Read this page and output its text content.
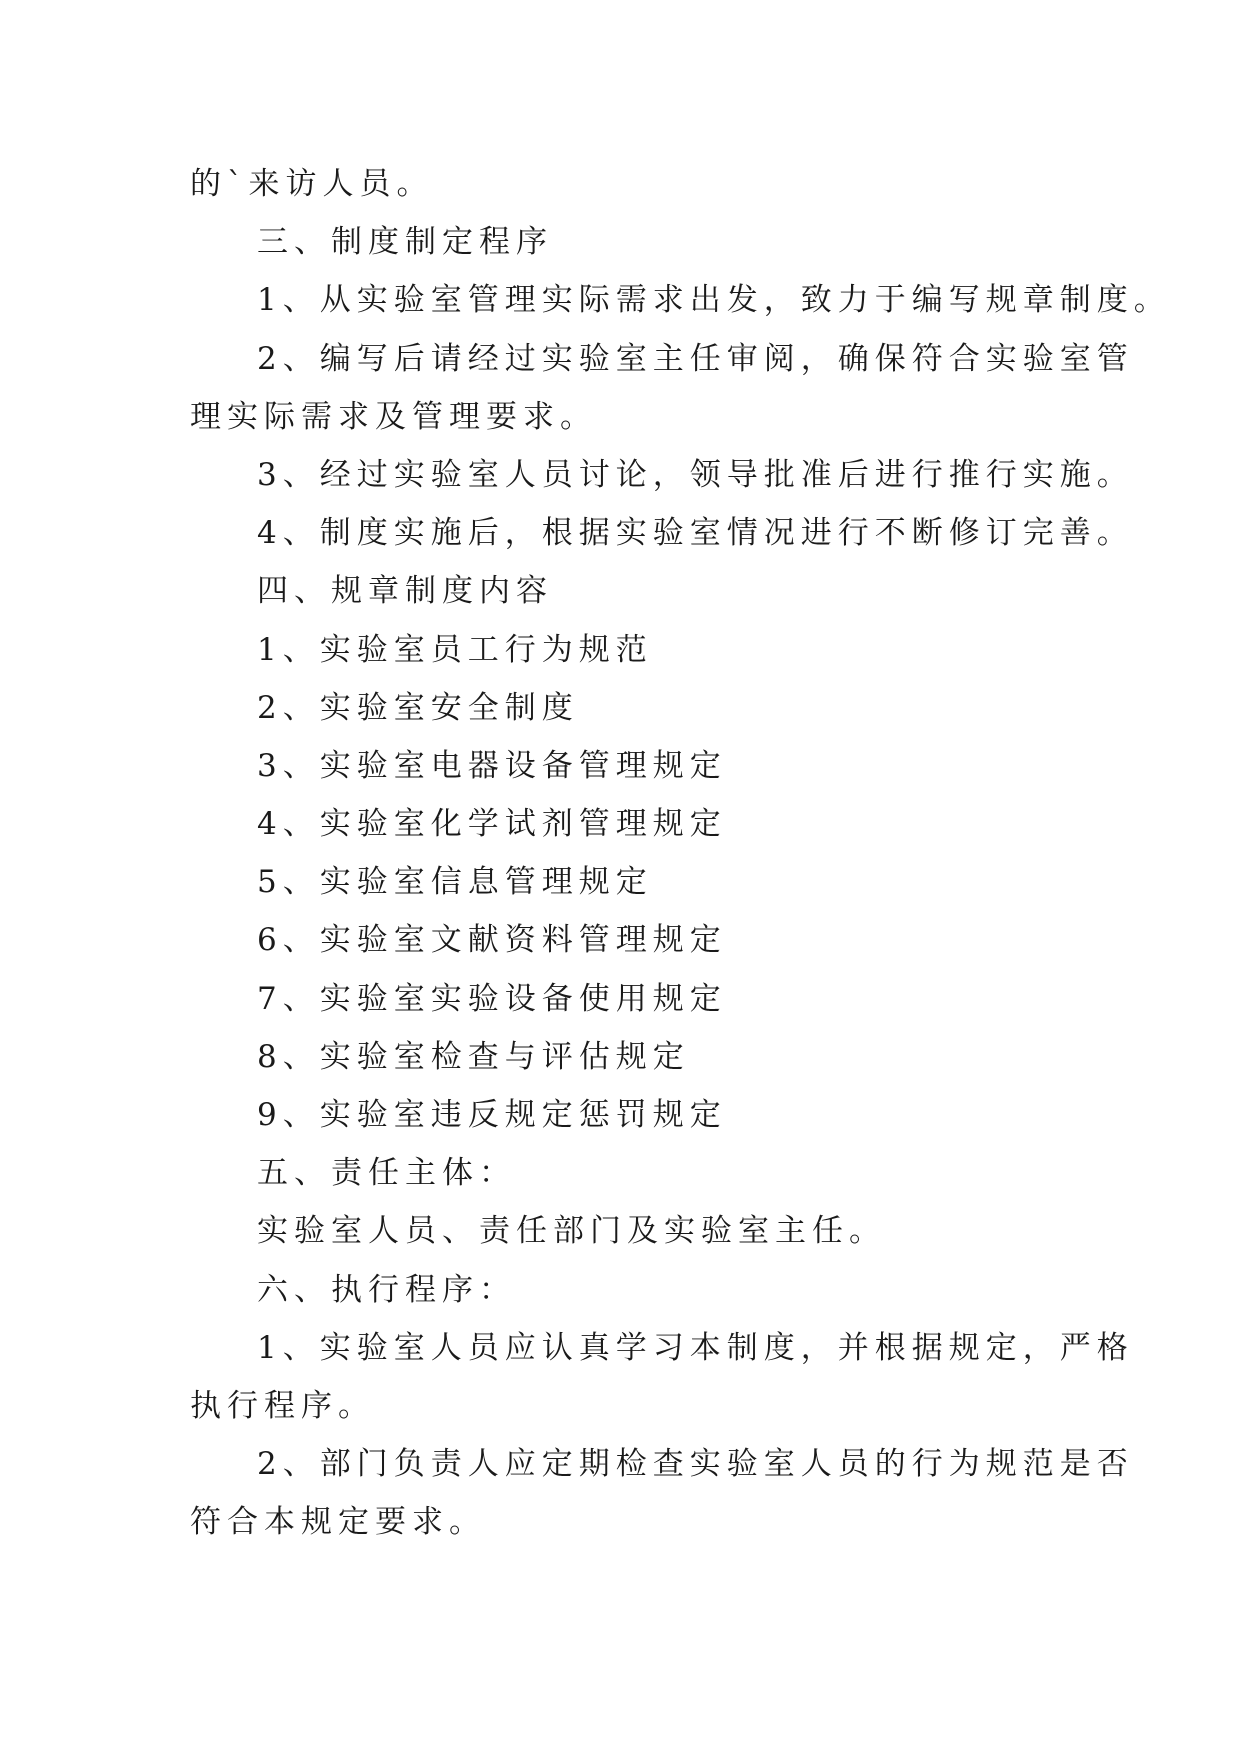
的`来访人员。
三、制度制定程序
1、从实验室管理实际需求出发，致力于编写规章制度。
2、编写后请经过实验室主任审阅，确保符合实验室管
理实际需求及管理要求。
3、经过实验室人员讨论，领导批准后进行推行实施。
4、制度实施后，根据实验室情况进行不断修订完善。
四、规章制度内容
1、实验室员工行为规范
2、实验室安全制度
3、实验室电器设备管理规定
4、实验室化学试剂管理规定
5、实验室信息管理规定
6、实验室文献资料管理规定
7、实验室实验设备使用规定
8、实验室检查与评估规定
9、实验室违反规定惩罚规定
五、责任主体：
实验室人员、责任部门及实验室主任。
六、执行程序：
1、实验室人员应认真学习本制度，并根据规定，严格
执行程序。
2、部门负责人应定期检查实验室人员的行为规范是否
符合本规定要求。
